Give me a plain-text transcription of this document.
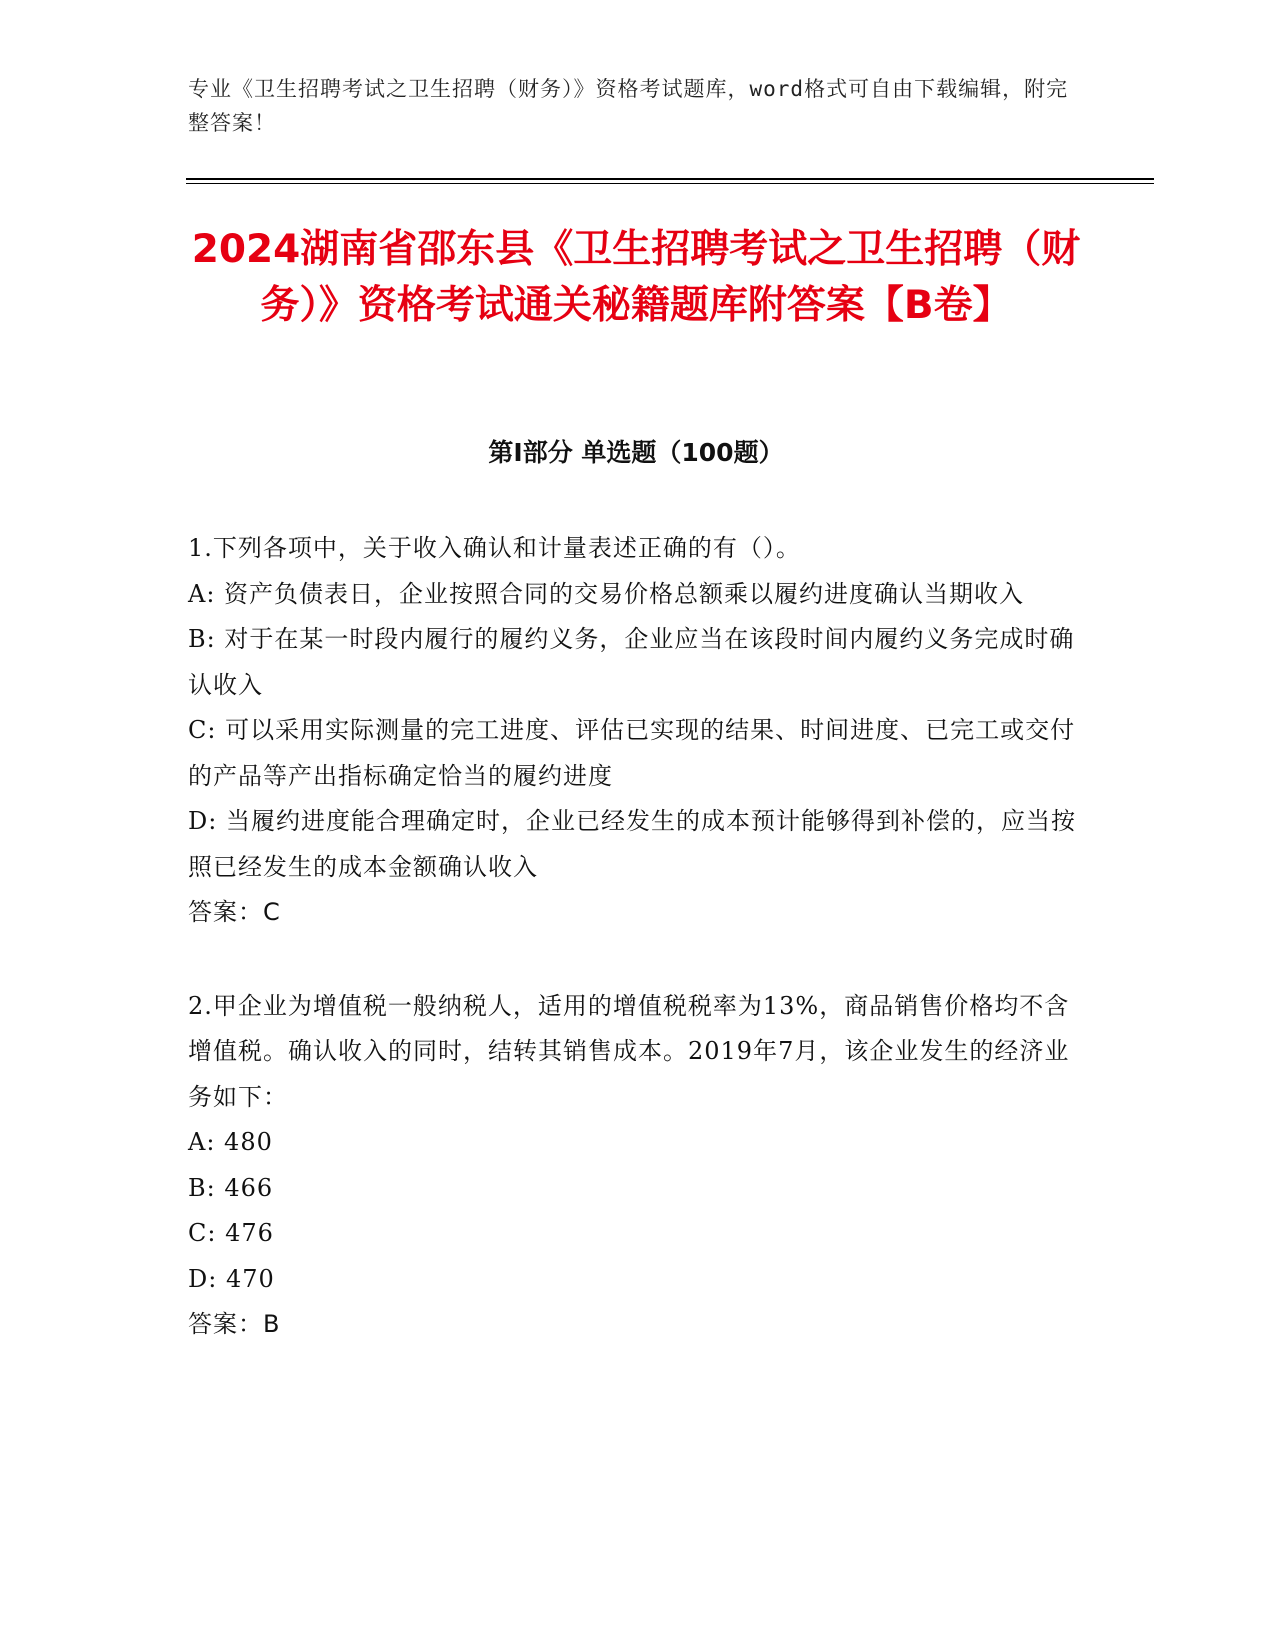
专业《卫生招聘考试之卫生招聘（财务）》资格考试题库，word格式可自由下载编辑，附完整答案！
2024湖南省邵东县《卫生招聘考试之卫生招聘（财务）》资格考试通关秘籍题库附答案【B卷】
第I部分 单选题（100题）

1.下列各项中，关于收入确认和计量表述正确的有（）。

A: 资产负债表日，企业按照合同的交易价格总额乘以履约进度确认当期收入

B: 对于在某一时段内履行的履约义务，企业应当在该段时间内履约义务完成时确认收入

C: 可以采用实际测量的完工进度、评估已实现的结果、时间进度、已完工或交付的产品等产出指标确定恰当的履约进度

D: 当履约进度能合理确定时，企业已经发生的成本预计能够得到补偿的，应当按照已经发生的成本金额确认收入

答案：C

2.甲企业为增值税一般纳税人，适用的增值税税率为13%，商品销售价格均不含增值税。确认收入的同时，结转其销售成本。2019年7月，该企业发生的经济业务如下：

A: 480

B: 466

C: 476

D: 470

答案：B
